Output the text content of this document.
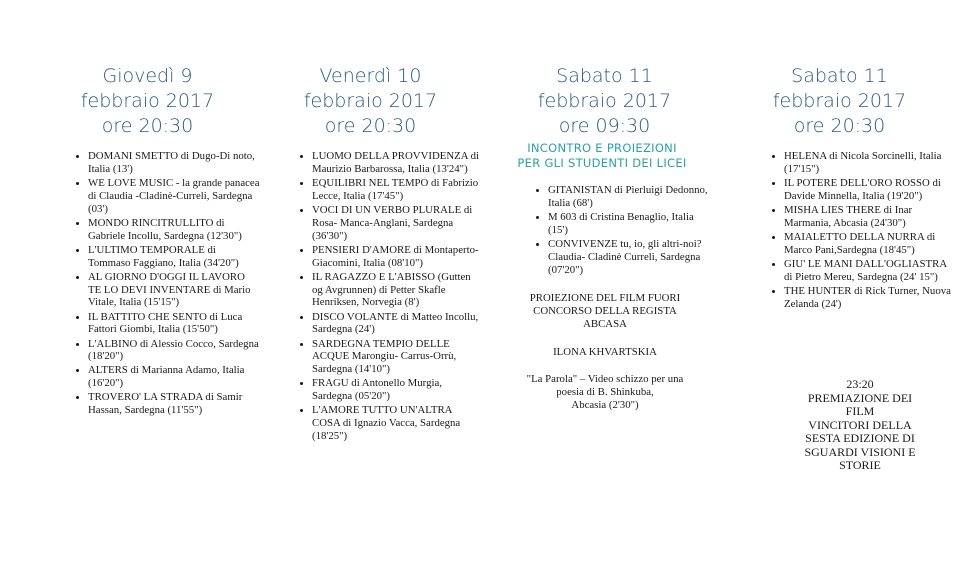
Giovedì 9
febbraio 2017
ore 20:30
• DOMANI SMETTO di Dugo-Di noto, Italia (13')
• WE LOVE MUSIC - la grande panacea di Claudia -Cladinè-Curreli, Sardegna (03')
• MONDO RINCITRULLITO di Gabriele Incollu, Sardegna (12'30")
• L'ULTIMO TEMPORALE di Tommaso Faggiano, Italia (34'20")
• AL GIORNO D'OGGI IL LAVORO TE LO DEVI INVENTARE di Mario Vitale, Italia (15'15")
• IL BATTITO CHE SENTO di Luca Fattori Giombi, Italia (15'50")
• L'ALBINO di Alessio Cocco, Sardegna (18'20")
• ALTERS di Marianna Adamo, Italia (16'20")
• TROVERO' LA STRADA di Samir Hassan, Sardegna (11'55")
Venerdì 10
febbraio 2017
ore 20:30
• LUOMO DELLA PROVVIDENZA di Maurizio Barbarossa, Italia (13'24")
• EQUILIBRI NEL TEMPO di Fabrizio Lecce, Italia (17'45")
• VOCI DI UN VERBO PLURALE di Rosa- Manca-Anglani, Sardegna (36'30")
• PENSIERI D'AMORE di Montaperto- Giacomini, Italia (08'10")
• IL RAGAZZO E L'ABISSO (Gutten og Avgrunnen) di Petter Skafle Henriksen, Norvegia (8')
• DISCO VOLANTE di Matteo Incollu, Sardegna (24')
• SARDEGNA TEMPIO DELLE ACQUE Marongiu- Carrus-Orrù, Sardegna (14'10")
• FRAGU di Antonello Murgia, Sardegna (05'20")
• L'AMORE TUTTO UN'ALTRA COSA di Ignazio Vacca, Sardegna (18'25")
Sabato 11
febbraio 2017
ore 09:30
INCONTRO E PROIEZIONI
PER GLI STUDENTI DEI LICEI
• GITANISTAN di Pierluigi Dedonno, Italia (68')
• M 603 di Cristina Benaglio, Italia (15')
• CONVIVENZE tu, io, gli altri-noi? Claudia- Cladinè Curreli, Sardegna (07'20")
PROIEZIONE DEL FILM FUORI
CONCORSO DELLA REGISTA
ABCASA
ILONA KHVARTSKIA
"La Parola" – Video schizzo per una
poesia di B. Shinkuba,
Abcasia (2'30")
Sabato 11
febbraio 2017
ore 20:30
• HELENA di Nicola Sorcinelli, Italia (17'15")
• IL POTERE DELL'ORO ROSSO di Davide Minnella, Italia (19'20")
• MISHA LIES THERE di Inar Marmania, Abcasia (24'30")
• MAIALETTO DELLA NURRA di Marco Pani,Sardegna (18'45")
• GIU' LE MANI DALL'OGLIASTRA di Pietro Mereu, Sardegna (24' 15")
• THE HUNTER di Rick Turner, Nuova Zelanda (24')
23:20
PREMIAZIONE DEI
FILM
VINCITORI DELLA
SESTA EDIZIONE DI
SGUARDI VISIONI E
STORIE
